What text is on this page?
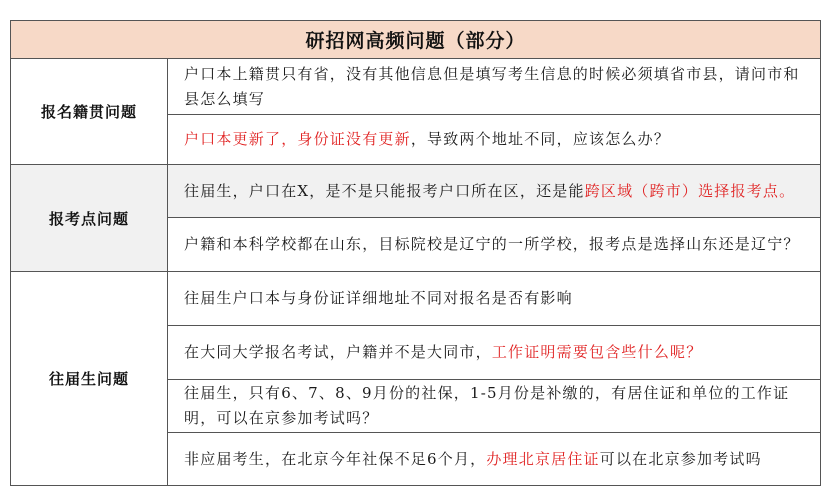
研招网高频问题（部分）
报名籍贯问题
户口本上籍贯只有省，没有其他信息但是填写考生信息的时候必须填省市县，请问市和县怎么填写
户口本更新了，身份证没有更新，导致两个地址不同，应该怎么办？
报考点问题
往届生，户口在X，是不是只能报考户口所在区，还是能跨区域（跨市）选择报考点。
户籍和本科学校都在山东，目标院校是辽宁的一所学校，报考点是选择山东还是辽宁？
往届生问题
往届生户口本与身份证详细地址不同对报名是否有影响
在大同大学报名考试，户籍并不是大同市，工作证明需要包含些什么呢？
往届生，只有6、7、8、9月份的社保，1-5月份是补缴的，有居住证和单位的工作证明，可以在京参加考试吗？
非应届考生，在北京今年社保不足6个月，办理北京居住证可以在北京参加考试吗
